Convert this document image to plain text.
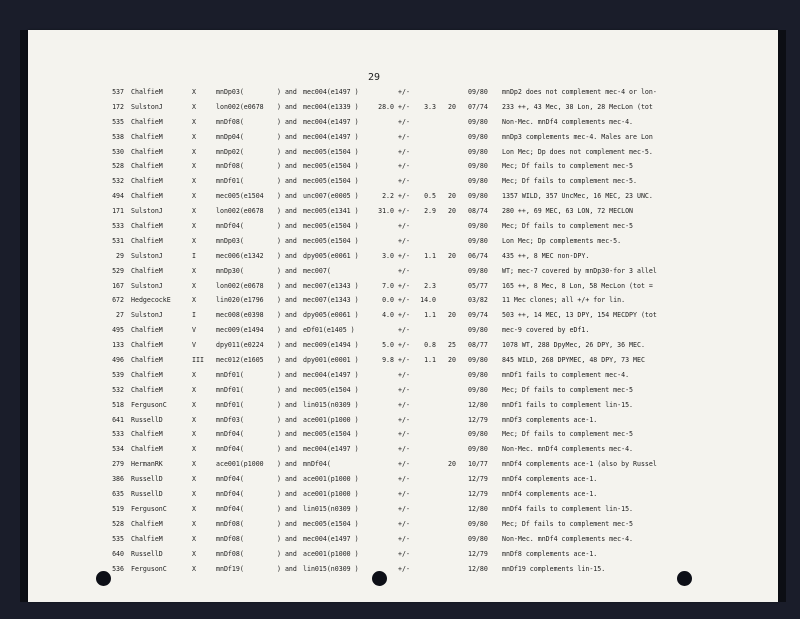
29
537 ChalfieM	X	mnDp03(	) and mec004(e1497 )	+/-	09/80 mnDp2 does not complement mec-4 or lon-
172 SulstonJ	X	lon002(e0678 ) and mec004(e1339 )	28.0 +/-	3.3	20 07/74 233 ++, 43 Mec, 38 Lon, 28 MecLon (tot
535 ChalfieM	X	mnDf08(	) and mec004(e1497 )	+/-	09/80 Non-Mec. mnDf4 complements mec-4.
538 ChalfieM	X	mnDp04(	) and mec004(e1497 )	+/-	09/80 mnDp3 complements mec-4. Males are Lon
530 ChalfieM	X	mnDp02(	) and mec005(e1504 )	+/-	09/80 Lon Mec; Dp does not complement mec-5.
528 ChalfieM	X	mnDf08(	) and mec005(e1504 )	+/-	09/80 Mec; Df fails to complement mec-5
532 ChalfieM	X	mnDf01(	) and mec005(e1504 )	+/-	09/80 Mec; Df fails to complement mec-5.
494 ChalfieM	X	mec005(e1504 ) and unc007(e0005 )	2.2 +/-	0.5	20 09/80 1357 WILD, 357 UncMec, 16 MEC, 23 UNC.
171 SulstonJ	X	lon002(e0678 ) and mec005(e1341 )	31.0 +/-	2.9	20 08/74 280 ++, 69 MEC, 63 LON, 72 MECLON
533 ChalfieM	X	mnDf04(	) and mec005(e1504 )	+/-	09/80 Mec; Df fails to complement mec-5
531 ChalfieM	X	mnDp03(	) and mec005(e1504 )	+/-	09/80 Lon Mec; Dp complements mec-5.
29 SulstonJ	I	mec006(e1342 ) and dpy005(e0061 )	3.0 +/-	1.1	20 06/74 435 ++, 8 MEC non-DPY.
529 ChalfieM	X	mnDp30(	) and mec007(	+/-	09/80 WT; mec-7 covered by mnDp30-for 3 allel
167 SulstonJ	X	lon002(e0678 ) and mec007(e1343 )	7.0 +/-	2.3	05/77 165 ++, 8 Mec, 8 Lon, 58 MecLon (tot =
672 HedgecockE	X	lin020(e1796 ) and mec007(e1343 )	0.0 +/-	14.0	03/82 11 Mec clones; all +/+ for lin.
27 SulstonJ	I	mec008(e0398 ) and dpy005(e0061 )	4.0 +/-	1.1	20 09/74 503 ++, 14 MEC, 13 DPY, 154 MECDPY (tot
495 ChalfieM	V	mec009(e1494 ) and eDf01(e1405 )	+/-	09/80 mec-9 covered by eDf1.
133 ChalfieM	V	dpy011(e0224 ) and mec009(e1494 )	5.0 +/-	0.8	25 08/77 1078 WT, 288 DpyMec, 26 DPY, 36 MEC.
496 ChalfieM	III mec012(e1605 ) and dpy001(e0001 )	9.8 +/-	1.1	20 09/80 845 WILD, 268 DPYMEC, 48 DPY, 73 MEC
539 ChalfieM	X	mnDf01(	) and mec004(e1497 )	+/-	09/80 mnDf1 fails to complement mec-4.
532 ChalfieM	X	mnDf01(	) and mec005(e1504 )	+/-	09/80 Mec; Df fails to complement mec-5
518 FergusonC	X	mnDf01(	) and lin015(n0309 )	+/-	12/80 mnDf1 fails to complement lin-15.
641 RussellD	X	mnDf03(	) and ace001(p1000 )	+/-	12/79 mnDf3 complements ace-1.
533 ChalfieM	X	mnDf04(	) and mec005(e1504 )	+/-	09/80 Mec; Df fails to complement mec-5
534 ChalfieM	X	mnDf04(	) and mec004(e1497 )	+/-	09/80 Non-Mec. mnDf4 complements mec-4.
279 HermanRK	X	ace001(p1000 ) and mnDf04(	+/-	20 10/77 mnDf4 complements ace-1 (also by Russel
386 RussellD	X	mnDf04(	) and ace001(p1000 )	+/-	12/79 mnDf4 complements ace-1.
635 RussellD	X	mnDf04(	) and ace001(p1000 )	+/-	12/79 mnDf4 complements ace-1.
519 FergusonC	X	mnDf04(	) and lin015(n0309 )	+/-	12/80 mnDf4 fails to complement lin-15.
528 ChalfieM	X	mnDf08(	) and mec005(e1504 )	+/-	09/80 Mec; Df fails to complement mec-5
535 ChalfieM	X	mnDf08(	) and mec004(e1497 )	+/-	09/80 Non-Mec. mnDf4 complements mec-4.
640 RussellD	X	mnDf08(	) and ace001(p1000 )	+/-	12/79 mnDf8 complements ace-1.
536 FergusonC	X	mnDf19(	) and lin015(n0309 )	+/-	12/80 mnDf19 complements lin-15.
